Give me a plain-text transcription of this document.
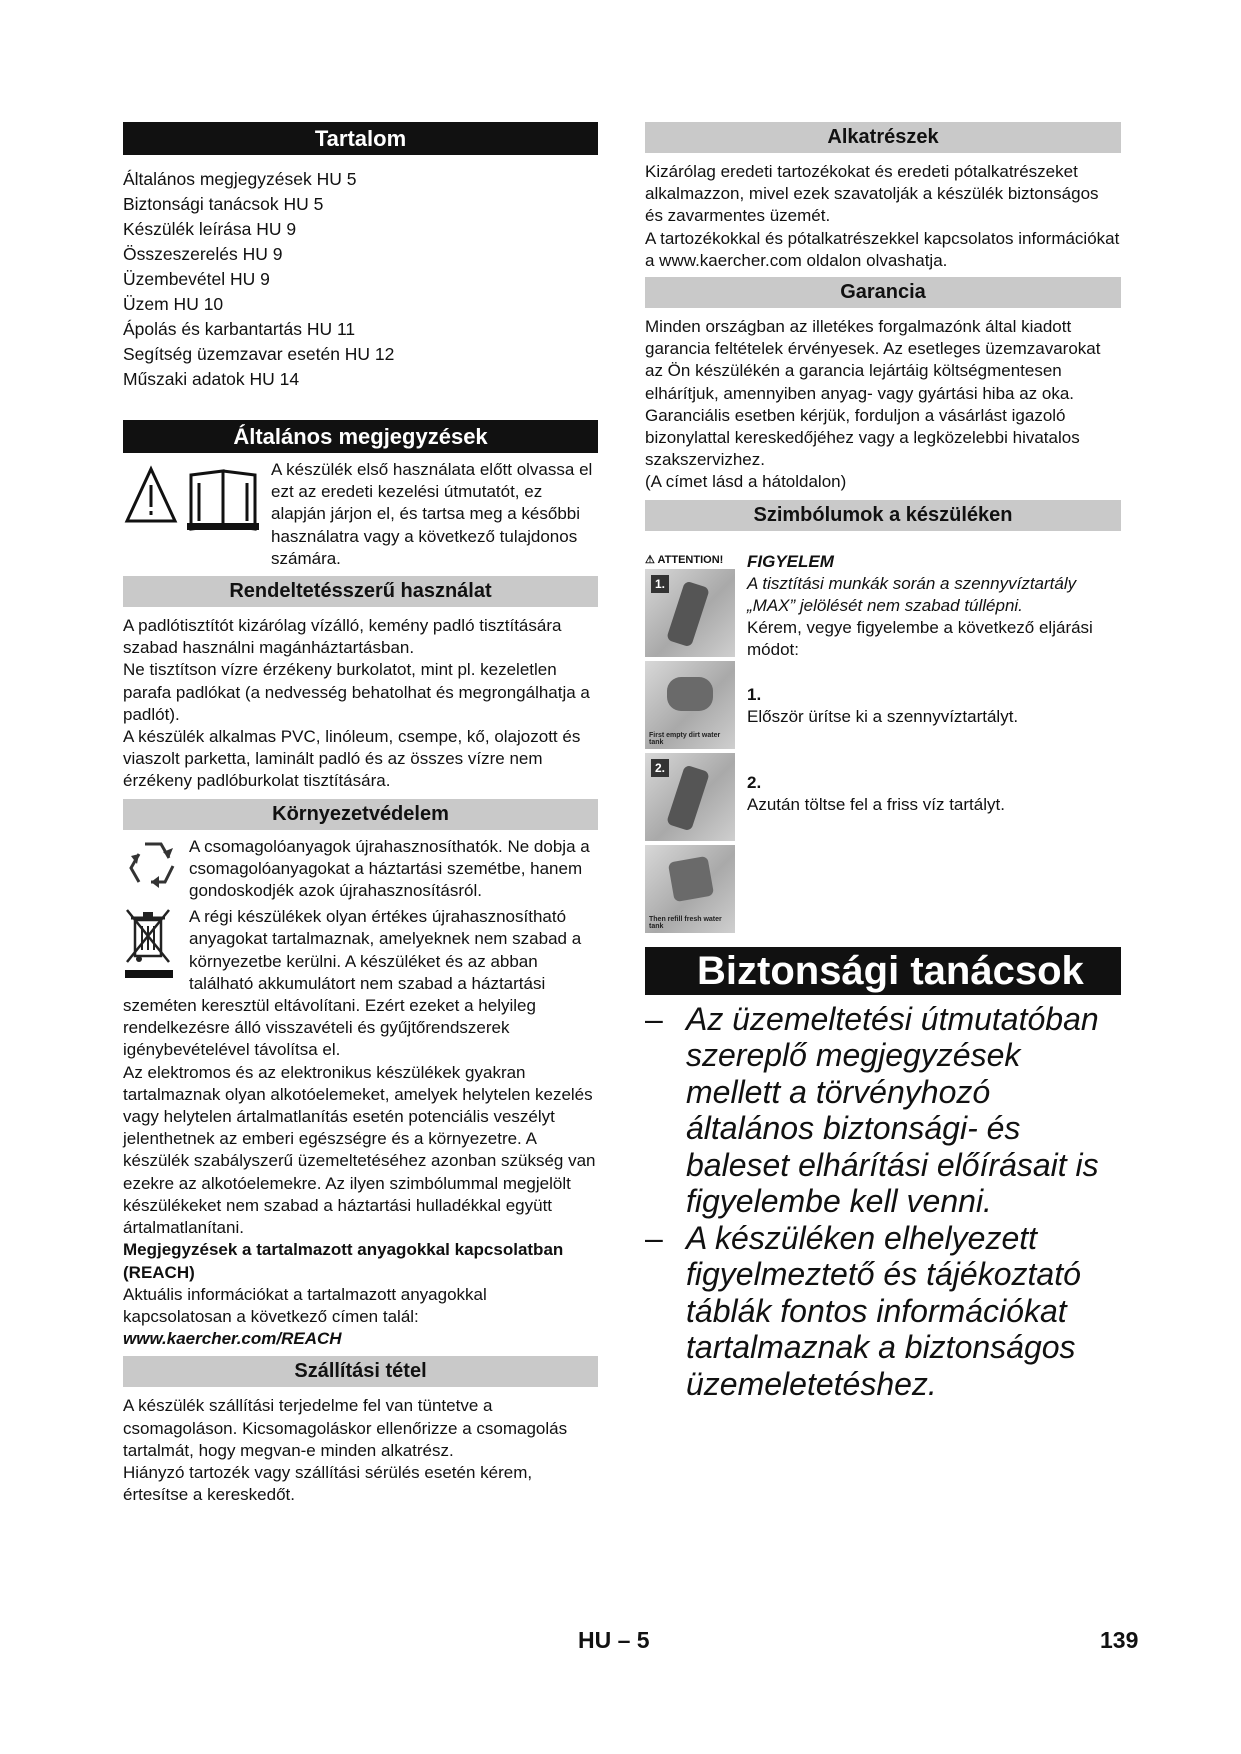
Tartalom
Általános megjegyzések HU 5
Biztonsági tanácsok HU 5
Készülék leírása HU 9
Összeszerelés HU 9
Üzembevétel HU 9
Üzem HU 10
Ápolás és karbantartás HU 11
Segítség üzemzavar esetén HU 12
Műszaki adatok HU 14
Általános megjegyzések

A készülék első használata előtt olvassa el ezt az eredeti kezelési útmutatót, ez alapján járjon el, és tartsa meg a későbbi használatra vagy a következő tulajdonos számára.

Rendeltetésszerű használat

A padlótisztítót kizárólag vízálló, kemény padló tisztítására szabad használni magánháztartásban.

Ne tisztítson vízre érzékeny burkolatot, mint pl. kezeletlen parafa padlókat (a nedvesség behatolhat és megrongálhatja a padlót).

A készülék alkalmas PVC, linóleum, csempe, kő, olajozott és viaszolt parketta, laminált padló és az összes vízre nem érzékeny padlóburkolat tisztítására.

Környezetvédelem

A csomagolóanyagok újrahasznosíthatók. Ne dobja a csomagolóanyagokat a háztartási szemétbe, hanem gondoskodjék azok újrahasznosításról.

A régi készülékek olyan értékes újrahasznosítható anyagokat tartalmaznak, amelyeknek nem szabad a környezetbe kerülni. A készüléket és az abban található akkumulátort nem szabad a háztartási szeméten keresztül eltávolítani. Ezért ezeket a helyileg rendelkezésre álló visszavételi és gyűjtőrendszerek igénybevételével távolítsa el.

Az elektromos és az elektronikus készülékek gyakran tartalmaznak olyan alkotóelemeket, amelyek helytelen kezelés vagy helytelen ártalmatlanítás esetén potenciális veszélyt jelenthetnek az emberi egészségre és a környezetre. A készülék szabályszerű üzemeltetéséhez azonban szükség van ezekre az alkotóelemekre. Az ilyen szimbólummal megjelölt készülékeket nem szabad a háztartási hulladékkal együtt ártalmatlanítani.

Megjegyzések a tartalmazott anyagokkal kapcsolatban (REACH)

Aktuális információkat a tartalmazott anyagokkal kapcsolatosan a következő címen talál:

www.kaercher.com/REACH

Szállítási tétel

A készülék szállítási terjedelme fel van tüntetve a csomagoláson. Kicsomagoláskor ellenőrizze a csomagolás tartalmát, hogy megvan-e minden alkatrész.

Hiányzó tartozék vagy szállítási sérülés esetén kérem, értesítse a kereskedőt.

Alkatrészek

Kizárólag eredeti tartozékokat és eredeti pótalkatrészeket alkalmazzon, mivel ezek szavatolják a készülék biztonságos és zavarmentes üzemét.

A tartozékokkal és pótalkatrészekkel kapcsolatos információkat a www.kaercher.com oldalon olvashatja.

Garancia

Minden országban az illetékes forgalmazónk által kiadott garancia feltételek érvényesek. Az esetleges üzemzavarokat az Ön készülékén a garancia lejártáig költségmentesen elhárítjuk, amennyiben anyag- vagy gyártási hiba az oka. Garanciális esetben kérjük, forduljon a vásárlást igazoló bizonylattal kereskedőjéhez vagy a legközelebbi hivatalos szakszervizhez.

(A címet lásd a hátoldalon)

Szimbólumok a készüléken
⚠ ATTENTION!
1.
First empty dirt water tank
2.
Then refill fresh water tank

FIGYELEM

A tisztítási munkák során a szennyvíztartály „MAX” jelölését nem szabad túllépni.

Kérem, vegye figyelembe a következő eljárási módot:

1.

Először ürítse ki a szennyvíztartályt.

2.

Azután töltse fel a friss víz tartályt.

Biztonsági tanácsok
– Az üzemeltetési útmutatóban szereplő megjegyzések mellett a törvényhozó általános biztonsági- és baleset elhárítási előírásait is figyelembe kell venni.
– A készüléken elhelyezett figyelmeztető és tájékoztató táblák fontos információkat tartalmaznak a biztonságos üzemeletetéshez.
HU – 5	139
